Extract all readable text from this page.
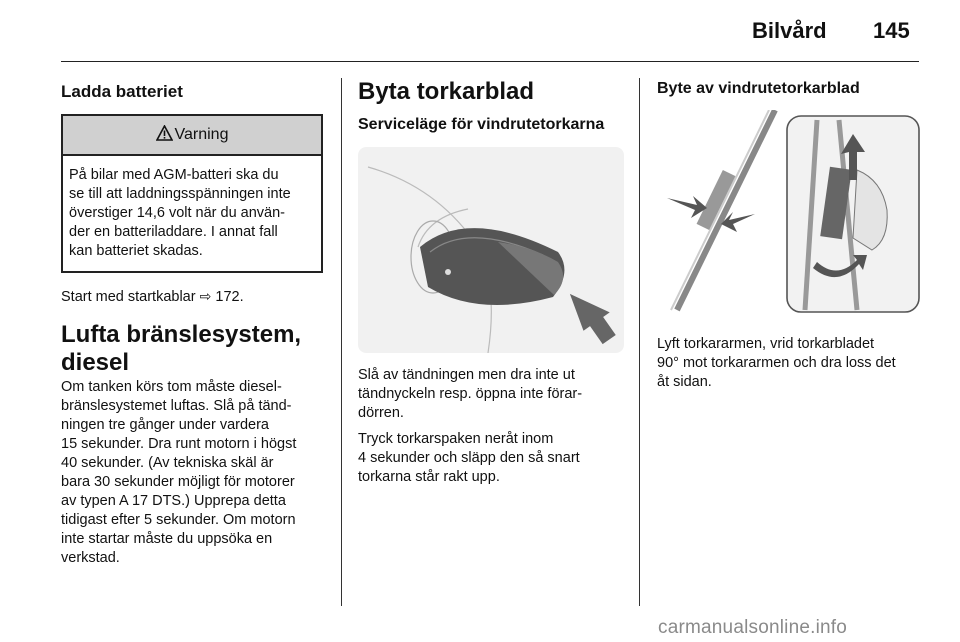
Bilvård 145
Ladda batteriet
Varning
På bilar med AGM-batteri ska du
se till att laddningsspänningen inte
överstiger 14,6 volt när du använ-
der en batteriladdare. I annat fall
kan batteriet skadas.

Start med startkablar ⇨ 172.

Lufta bränslesystem,
diesel
Om tanken körs tom måste diesel-
bränslesystemet luftas. Slå på tänd-
ningen tre gånger under vardera
15 sekunder. Dra runt motorn i högst
40 sekunder. (Av tekniska skäl är
bara 30 sekunder möjligt för motorer
av typen A 17 DTS.) Upprepa detta
tidigast efter 5 sekunder. Om motorn
inte startar måste du uppsöka en
verkstad.
Byta torkarblad
Serviceläge för vindrutetorkarna
Slå av tändningen men dra inte ut
tändnyckeln resp. öppna inte förar-
dörren.
Tryck torkarspaken neråt inom
4 sekunder och släpp den så snart
torkarna står rakt upp.
Byte av vindrutetorkarblad
Lyft torkararmen, vrid torkarbladet
90° mot torkararmen och dra loss det
åt sidan.
carmanualsonline.info
